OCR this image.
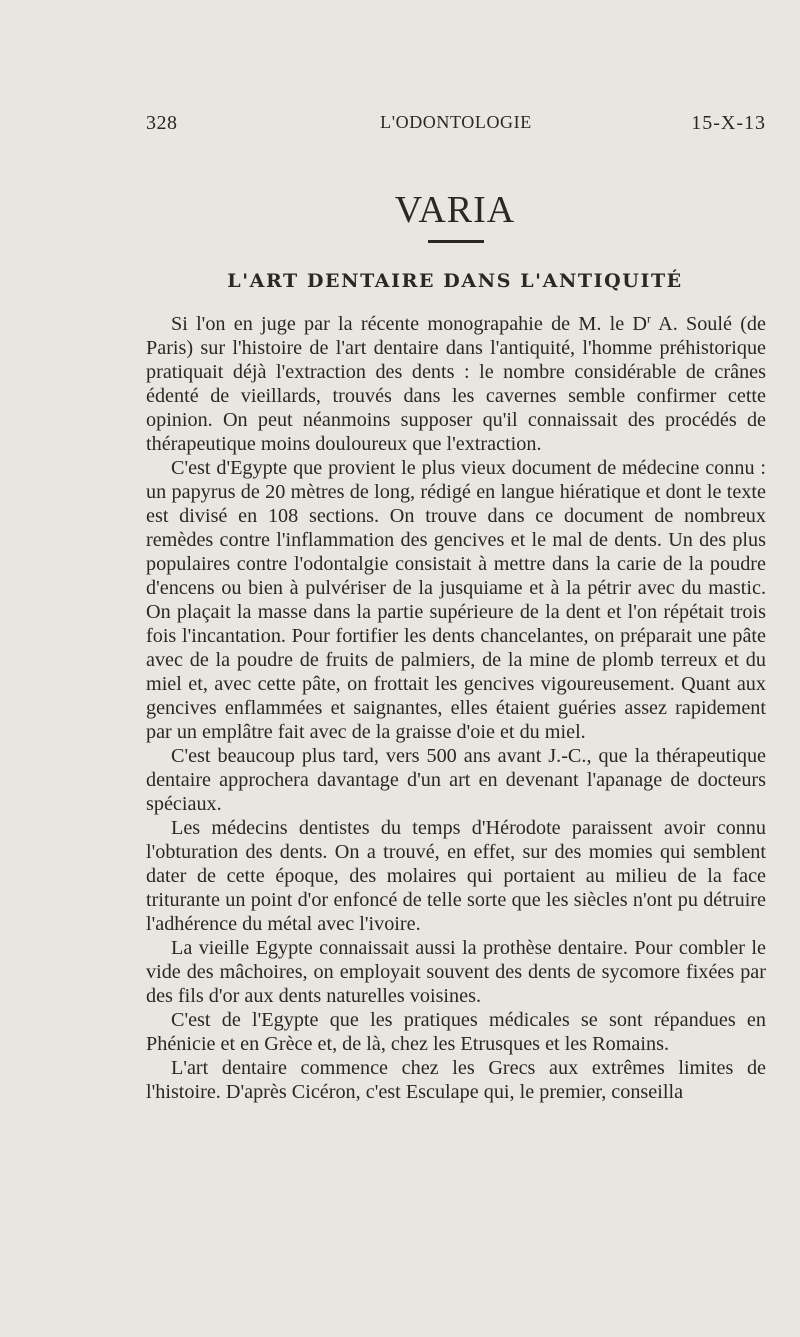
328	L'ODONTOLOGIE	15-X-13
VARIA
L'ART DENTAIRE DANS L'ANTIQUITÉ

Si l'on en juge par la récente monograpahie de M. le $D^r$ A. Soulé (de Paris) sur l'histoire de l'art dentaire dans l'antiquité, l'homme préhistorique pratiquait déjà l'extraction des dents : le nombre considérable de crânes édenté de vieillards, trouvés dans les cavernes semble confirmer cette opinion. On peut néanmoins supposer qu'il connaissait des procédés de thérapeutique moins douloureux que l'extraction.

C'est d'Egypte que provient le plus vieux document de médecine connu : un papyrus de 20 mètres de long, rédigé en langue hiératique et dont le texte est divisé en 108 sections. On trouve dans ce document de nombreux remèdes contre l'inflammation des gencives et le mal de dents. Un des plus populaires contre l'odontalgie consistait à mettre dans la carie de la poudre d'encens ou bien à pulvériser de la jusquiame et à la pétrir avec du mastic. On plaçait la masse dans la partie supérieure de la dent et l'on répétait trois fois l'incantation. Pour fortifier les dents chancelantes, on préparait une pâte avec de la poudre de fruits de palmiers, de la mine de plomb terreux et du miel et, avec cette pâte, on frottait les gencives vigoureusement. Quant aux gencives enflammées et saignantes, elles étaient guéries assez rapidement par un emplâtre fait avec de la graisse d'oie et du miel.

C'est beaucoup plus tard, vers 500 ans avant J.-C., que la thérapeutique dentaire approchera davantage d'un art en devenant l'apanage de docteurs spéciaux.

Les médecins dentistes du temps d'Hérodote paraissent avoir connu l'obturation des dents. On a trouvé, en effet, sur des momies qui semblent dater de cette époque, des molaires qui portaient au milieu de la face triturante un point d'or enfoncé de telle sorte que les siècles n'ont pu détruire l'adhérence du métal avec l'ivoire.

La vieille Egypte connaissait aussi la prothèse dentaire. Pour combler le vide des mâchoires, on employait souvent des dents de sycomore fixées par des fils d'or aux dents naturelles voisines.

C'est de l'Egypte que les pratiques médicales se sont répandues en Phénicie et en Grèce et, de là, chez les Etrusques et les Romains.

L'art dentaire commence chez les Grecs aux extrêmes limites de l'histoire. D'après Cicéron, c'est Esculape qui, le premier, conseilla
